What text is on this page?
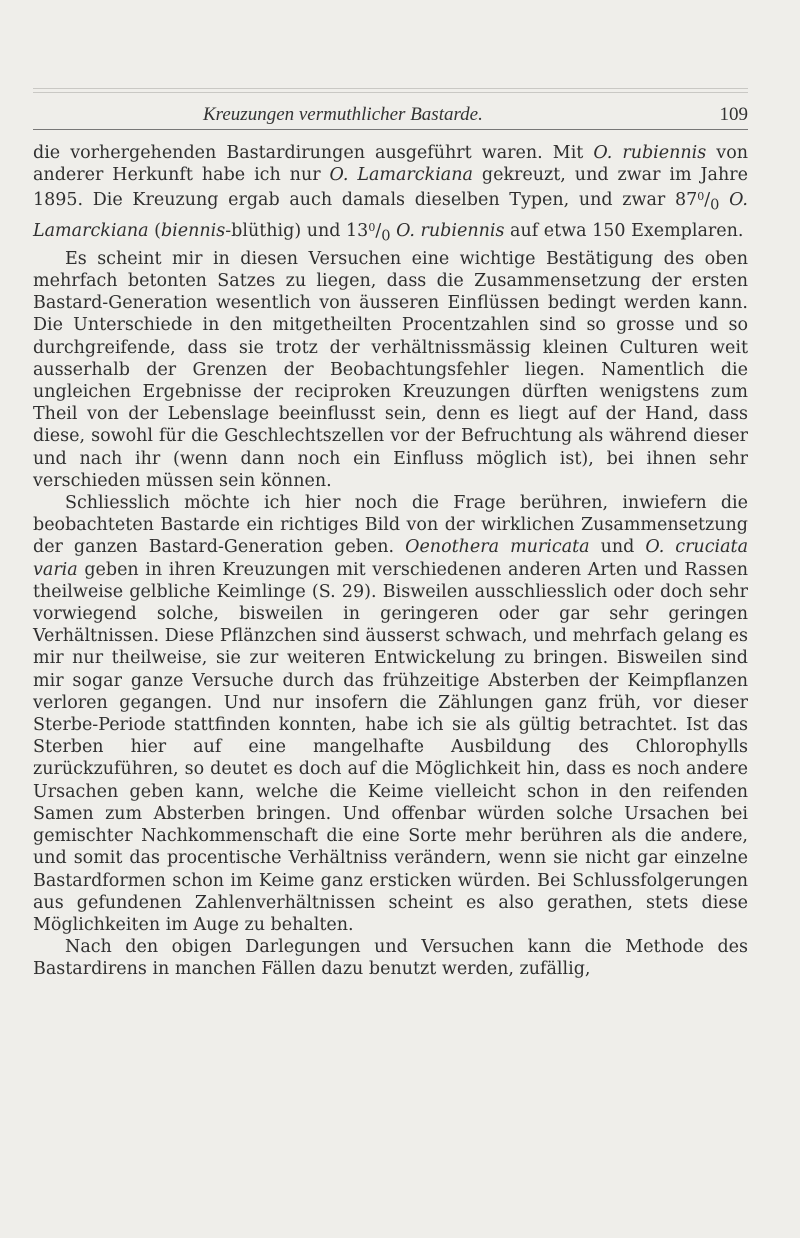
Kreuzungen vermuthlicher Bastarde.	109

die vorhergehenden Bastardirungen ausgeführt waren. Mit O. rubiennis von anderer Herkunft habe ich nur O. Lamarckiana gekreuzt, und zwar im Jahre 1895. Die Kreuzung ergab auch damals dieselben Typen, und zwar $87^0/_0$ O. Lamarckiana (biennis-blüthig) und $13^0/_0$ O. rubiennis auf etwa 150 Exemplaren.

Es scheint mir in diesen Versuchen eine wichtige Bestätigung des oben mehrfach betonten Satzes zu liegen, dass die Zusammensetzung der ersten Bastard-Generation wesentlich von äusseren Einflüssen bedingt werden kann. Die Unterschiede in den mitgetheilten Procentzahlen sind so grosse und so durchgreifende, dass sie trotz der verhältnissmässig kleinen Culturen weit ausserhalb der Grenzen der Beobachtungsfehler liegen. Namentlich die ungleichen Ergebnisse der reciproken Kreuzungen dürften wenigstens zum Theil von der Lebenslage beeinflusst sein, denn es liegt auf der Hand, dass diese, sowohl für die Geschlechtszellen vor der Befruchtung als während dieser und nach ihr (wenn dann noch ein Einfluss möglich ist), bei ihnen sehr verschieden müssen sein können.

Schliesslich möchte ich hier noch die Frage berühren, inwiefern die beobachteten Bastarde ein richtiges Bild von der wirklichen Zusammensetzung der ganzen Bastard-Generation geben. Oenothera muricata und O. cruciata varia geben in ihren Kreuzungen mit verschiedenen anderen Arten und Rassen theilweise gelbliche Keimlinge (S. 29). Bisweilen ausschliesslich oder doch sehr vorwiegend solche, bisweilen in geringeren oder gar sehr geringen Verhältnissen. Diese Pflänzchen sind äusserst schwach, und mehrfach gelang es mir nur theilweise, sie zur weiteren Entwickelung zu bringen. Bisweilen sind mir sogar ganze Versuche durch das frühzeitige Absterben der Keimpflanzen verloren gegangen. Und nur insofern die Zählungen ganz früh, vor dieser Sterbe-Periode stattfinden konnten, habe ich sie als gültig betrachtet. Ist das Sterben hier auf eine mangelhafte Ausbildung des Chlorophylls zurückzuführen, so deutet es doch auf die Möglichkeit hin, dass es noch andere Ursachen geben kann, welche die Keime vielleicht schon in den reifenden Samen zum Absterben bringen. Und offenbar würden solche Ursachen bei gemischter Nachkommenschaft die eine Sorte mehr berühren als die andere, und somit das procentische Verhältniss verändern, wenn sie nicht gar einzelne Bastardformen schon im Keime ganz ersticken würden. Bei Schlussfolgerungen aus gefundenen Zahlenverhältnissen scheint es also gerathen, stets diese Möglichkeiten im Auge zu behalten.

Nach den obigen Darlegungen und Versuchen kann die Methode des Bastardirens in manchen Fällen dazu benutzt werden, zufällig,
